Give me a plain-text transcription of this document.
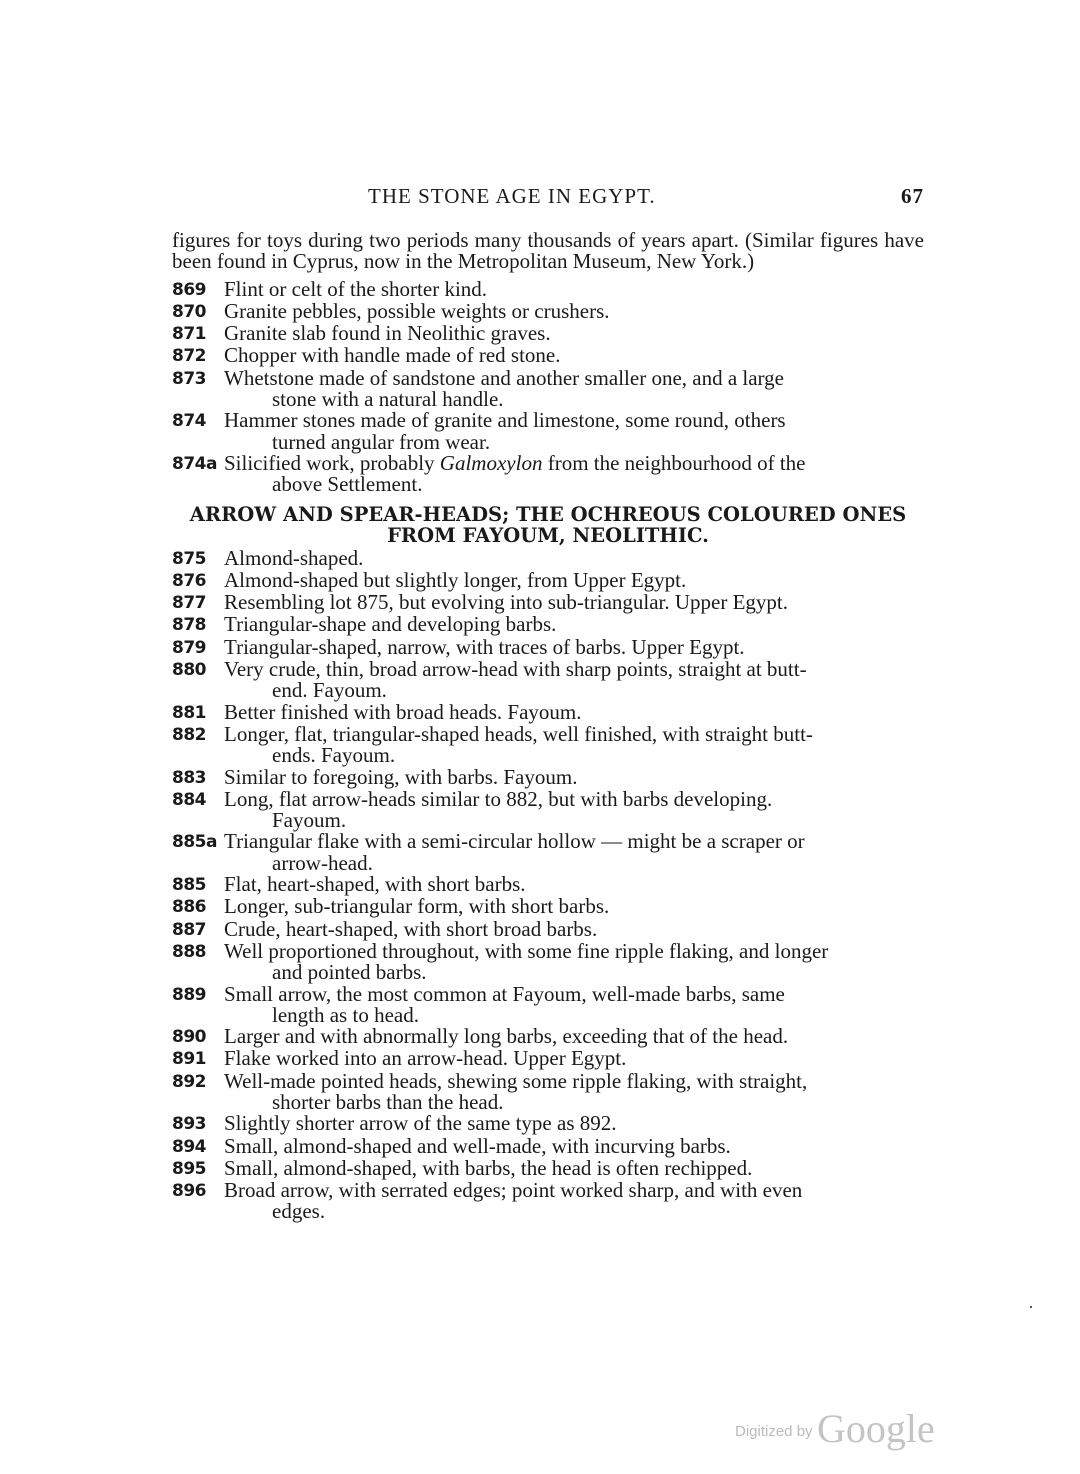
THE STONE AGE IN EGYPT.	67
figures for toys during two periods many thousands of years apart. (Similar figures have been found in Cyprus, now in the Metropolitan Museum, New York.)
869 Flint or celt of the shorter kind.
870 Granite pebbles, possible weights or crushers.
871 Granite slab found in Neolithic graves.
872 Chopper with handle made of red stone.
873 Whetstone made of sandstone and another smaller one, and a large
stone with a natural handle.
874 Hammer stones made of granite and limestone, some round, others
turned angular from wear.
874a Silicified work, probably Galmoxylon from the neighbourhood of the
above Settlement.
ARROW AND SPEAR-HEADS; THE OCHREOUS COLOURED ONES
FROM FAYOUM, NEOLITHIC.
875 Almond-shaped.
876 Almond-shaped but slightly longer, from Upper Egypt.
877 Resembling lot 875, but evolving into sub-triangular. Upper Egypt.
878 Triangular-shape and developing barbs.
879 Triangular-shaped, narrow, with traces of barbs. Upper Egypt.
880 Very crude, thin, broad arrow-head with sharp points, straight at butt-
end. Fayoum.
881 Better finished with broad heads. Fayoum.
882 Longer, flat, triangular-shaped heads, well finished, with straight butt-
ends. Fayoum.
883 Similar to foregoing, with barbs. Fayoum.
884 Long, flat arrow-heads similar to 882, but with barbs developing.
Fayoum.
885a Triangular flake with a semi-circular hollow — might be a scraper or
arrow-head.
885 Flat, heart-shaped, with short barbs.
886 Longer, sub-triangular form, with short barbs.
887 Crude, heart-shaped, with short broad barbs.
888 Well proportioned throughout, with some fine ripple flaking, and longer
and pointed barbs.
889 Small arrow, the most common at Fayoum, well-made barbs, same
length as to head.
890 Larger and with abnormally long barbs, exceeding that of the head.
891 Flake worked into an arrow-head. Upper Egypt.
892 Well-made pointed heads, shewing some ripple flaking, with straight,
shorter barbs than the head.
893 Slightly shorter arrow of the same type as 892.
894 Small, almond-shaped and well-made, with incurving barbs.
895 Small, almond-shaped, with barbs, the head is often rechipped.
896 Broad arrow, with serrated edges; point worked sharp, and with even
edges.
Digitized by Google
